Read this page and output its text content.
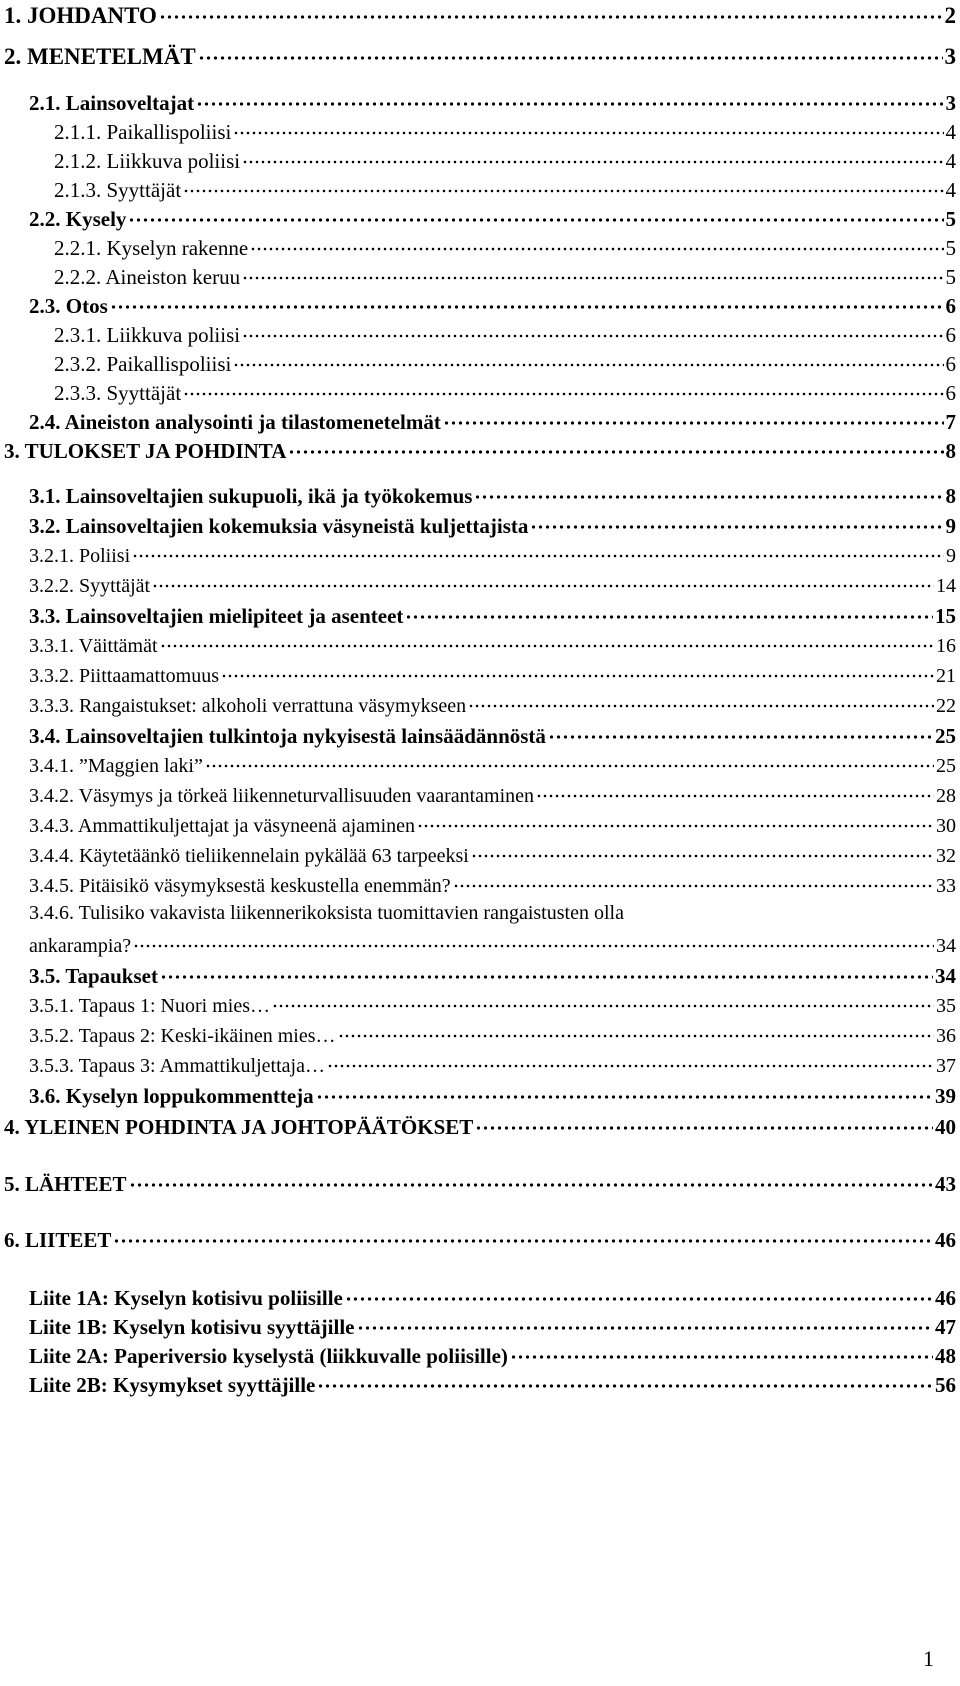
1. JOHDANTO	2
2. MENETELMÄT	3
2.1. Lainsoveltajat	3
2.1.1. Paikallispoliisi	4
2.1.2. Liikkuva poliisi	4
2.1.3. Syyttäjät	4
2.2. Kysely	5
2.2.1. Kyselyn rakenne	5
2.2.2. Aineiston keruu	5
2.3. Otos	6
2.3.1. Liikkuva poliisi	6
2.3.2. Paikallispoliisi	6
2.3.3. Syyttäjät	6
2.4. Aineiston analysointi ja tilastomenetelmät	7
3. TULOKSET JA POHDINTA	8
3.1. Lainsoveltajien sukupuoli, ikä ja työkokemus	8
3.2. Lainsoveltajien kokemuksia väsyneistä kuljettajista	9
3.2.1. Poliisi	9
3.2.2. Syyttäjät	14
3.3. Lainsoveltajien mielipiteet ja asenteet	15
3.3.1. Väittämät	16
3.3.2. Piittaamattomuus	21
3.3.3. Rangaistukset: alkoholi verrattuna väsymykseen	22
3.4. Lainsoveltajien tulkintoja nykyisestä lainsäädännöstä	25
3.4.1. ”Maggien laki”	25
3.4.2. Väsymys ja törkeä liikenneturvallisuuden vaarantaminen	28
3.4.3. Ammattikuljettajat ja väsyneenä ajaminen	30
3.4.4. Käytetäänkö tieliikennelain pykälää 63 tarpeeksi	32
3.4.5. Pitäisikö väsymyksestä keskustella enemmän?	33
3.4.6. Tulisiko vakavista liikennerikoksista tuomittavien rangaistusten olla
ankarampia?	34
3.5. Tapaukset	34
3.5.1. Tapaus 1: Nuori mies…	35
3.5.2. Tapaus 2: Keski-ikäinen mies…	36
3.5.3. Tapaus 3: Ammattikuljettaja…	37
3.6. Kyselyn loppukommentteja	39
4. YLEINEN POHDINTA JA JOHTOPÄÄTÖKSET	40
5. LÄHTEET	43
6. LIITEET	46
Liite 1A: Kyselyn kotisivu poliisille	46
Liite 1B: Kyselyn kotisivu syyttäjille	47
Liite 2A: Paperiversio kyselystä (liikkuvalle poliisille)	48
Liite 2B: Kysymykset syyttäjille	56
1
